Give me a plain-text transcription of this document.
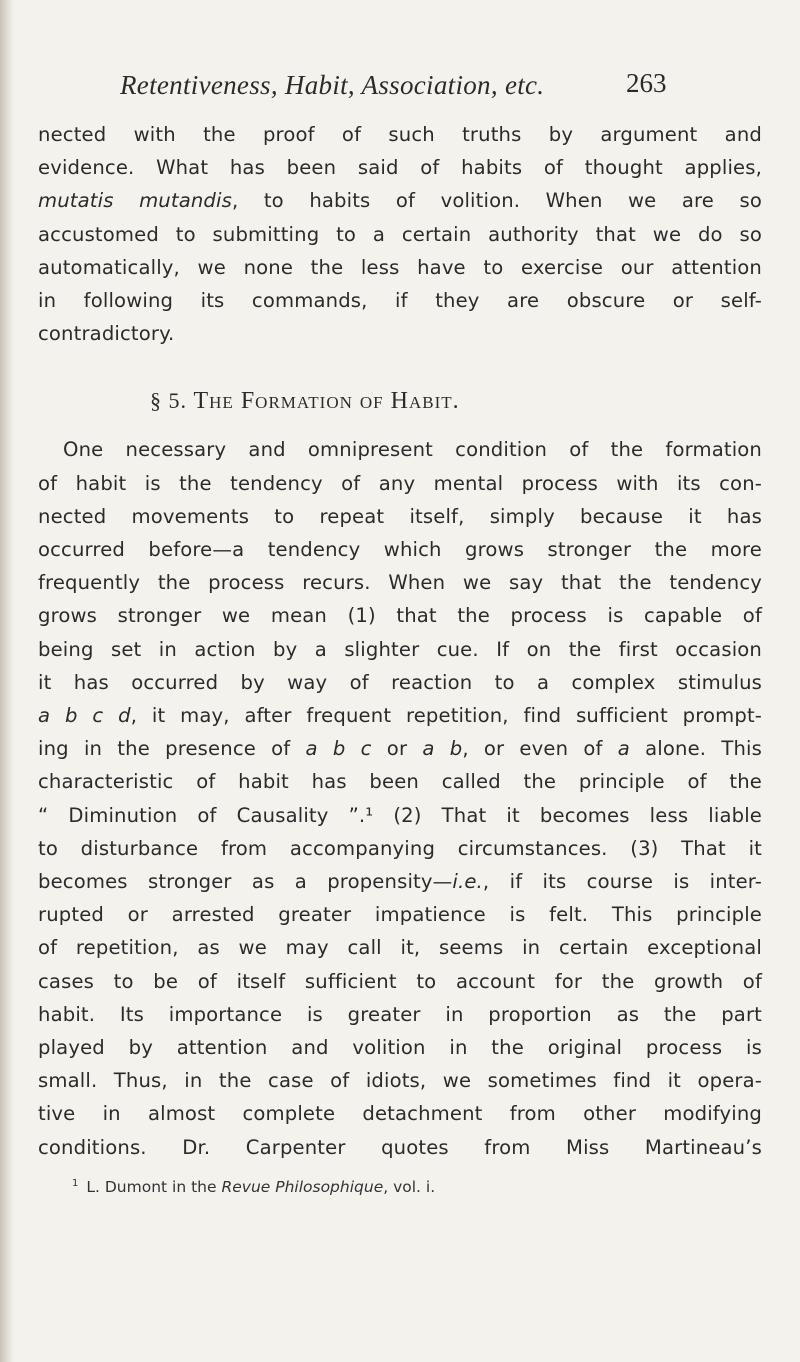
Retentiveness, Habit, Association, etc.	263

nected with the proof of such truths by argument and
evidence. What has been said of habits of thought applies,
mutatis mutandis, to habits of volition. When we are so
accustomed to submitting to a certain authority that we do so
automatically, we none the less have to exercise our attention
in following its commands, if they are obscure or self-
contradictory.

§ 5. The Formation of Habit.

One necessary and omnipresent condition of the formation
of habit is the tendency of any mental process with its con-
nected movements to repeat itself, simply because it has
occurred before—a tendency which grows stronger the more
frequently the process recurs. When we say that the tendency
grows stronger we mean (1) that the process is capable of
being set in action by a slighter cue. If on the first occasion
it has occurred by way of reaction to a complex stimulus
a b c d, it may, after frequent repetition, find sufficient prompt-
ing in the presence of a b c or a b, or even of a alone. This
characteristic of habit has been called the principle of the
“ Diminution of Causality ”.¹ (2) That it becomes less liable
to disturbance from accompanying circumstances. (3) That it
becomes stronger as a propensity—i.e., if its course is inter-
rupted or arrested greater impatience is felt. This principle
of repetition, as we may call it, seems in certain exceptional
cases to be of itself sufficient to account for the growth of
habit. Its importance is greater in proportion as the part
played by attention and volition in the original process is
small. Thus, in the case of idiots, we sometimes find it opera-
tive in almost complete detachment from other modifying
conditions. Dr. Carpenter quotes from Miss Martineau’s

$^1$ L. Dumont in the Revue Philosophique, vol. i.
